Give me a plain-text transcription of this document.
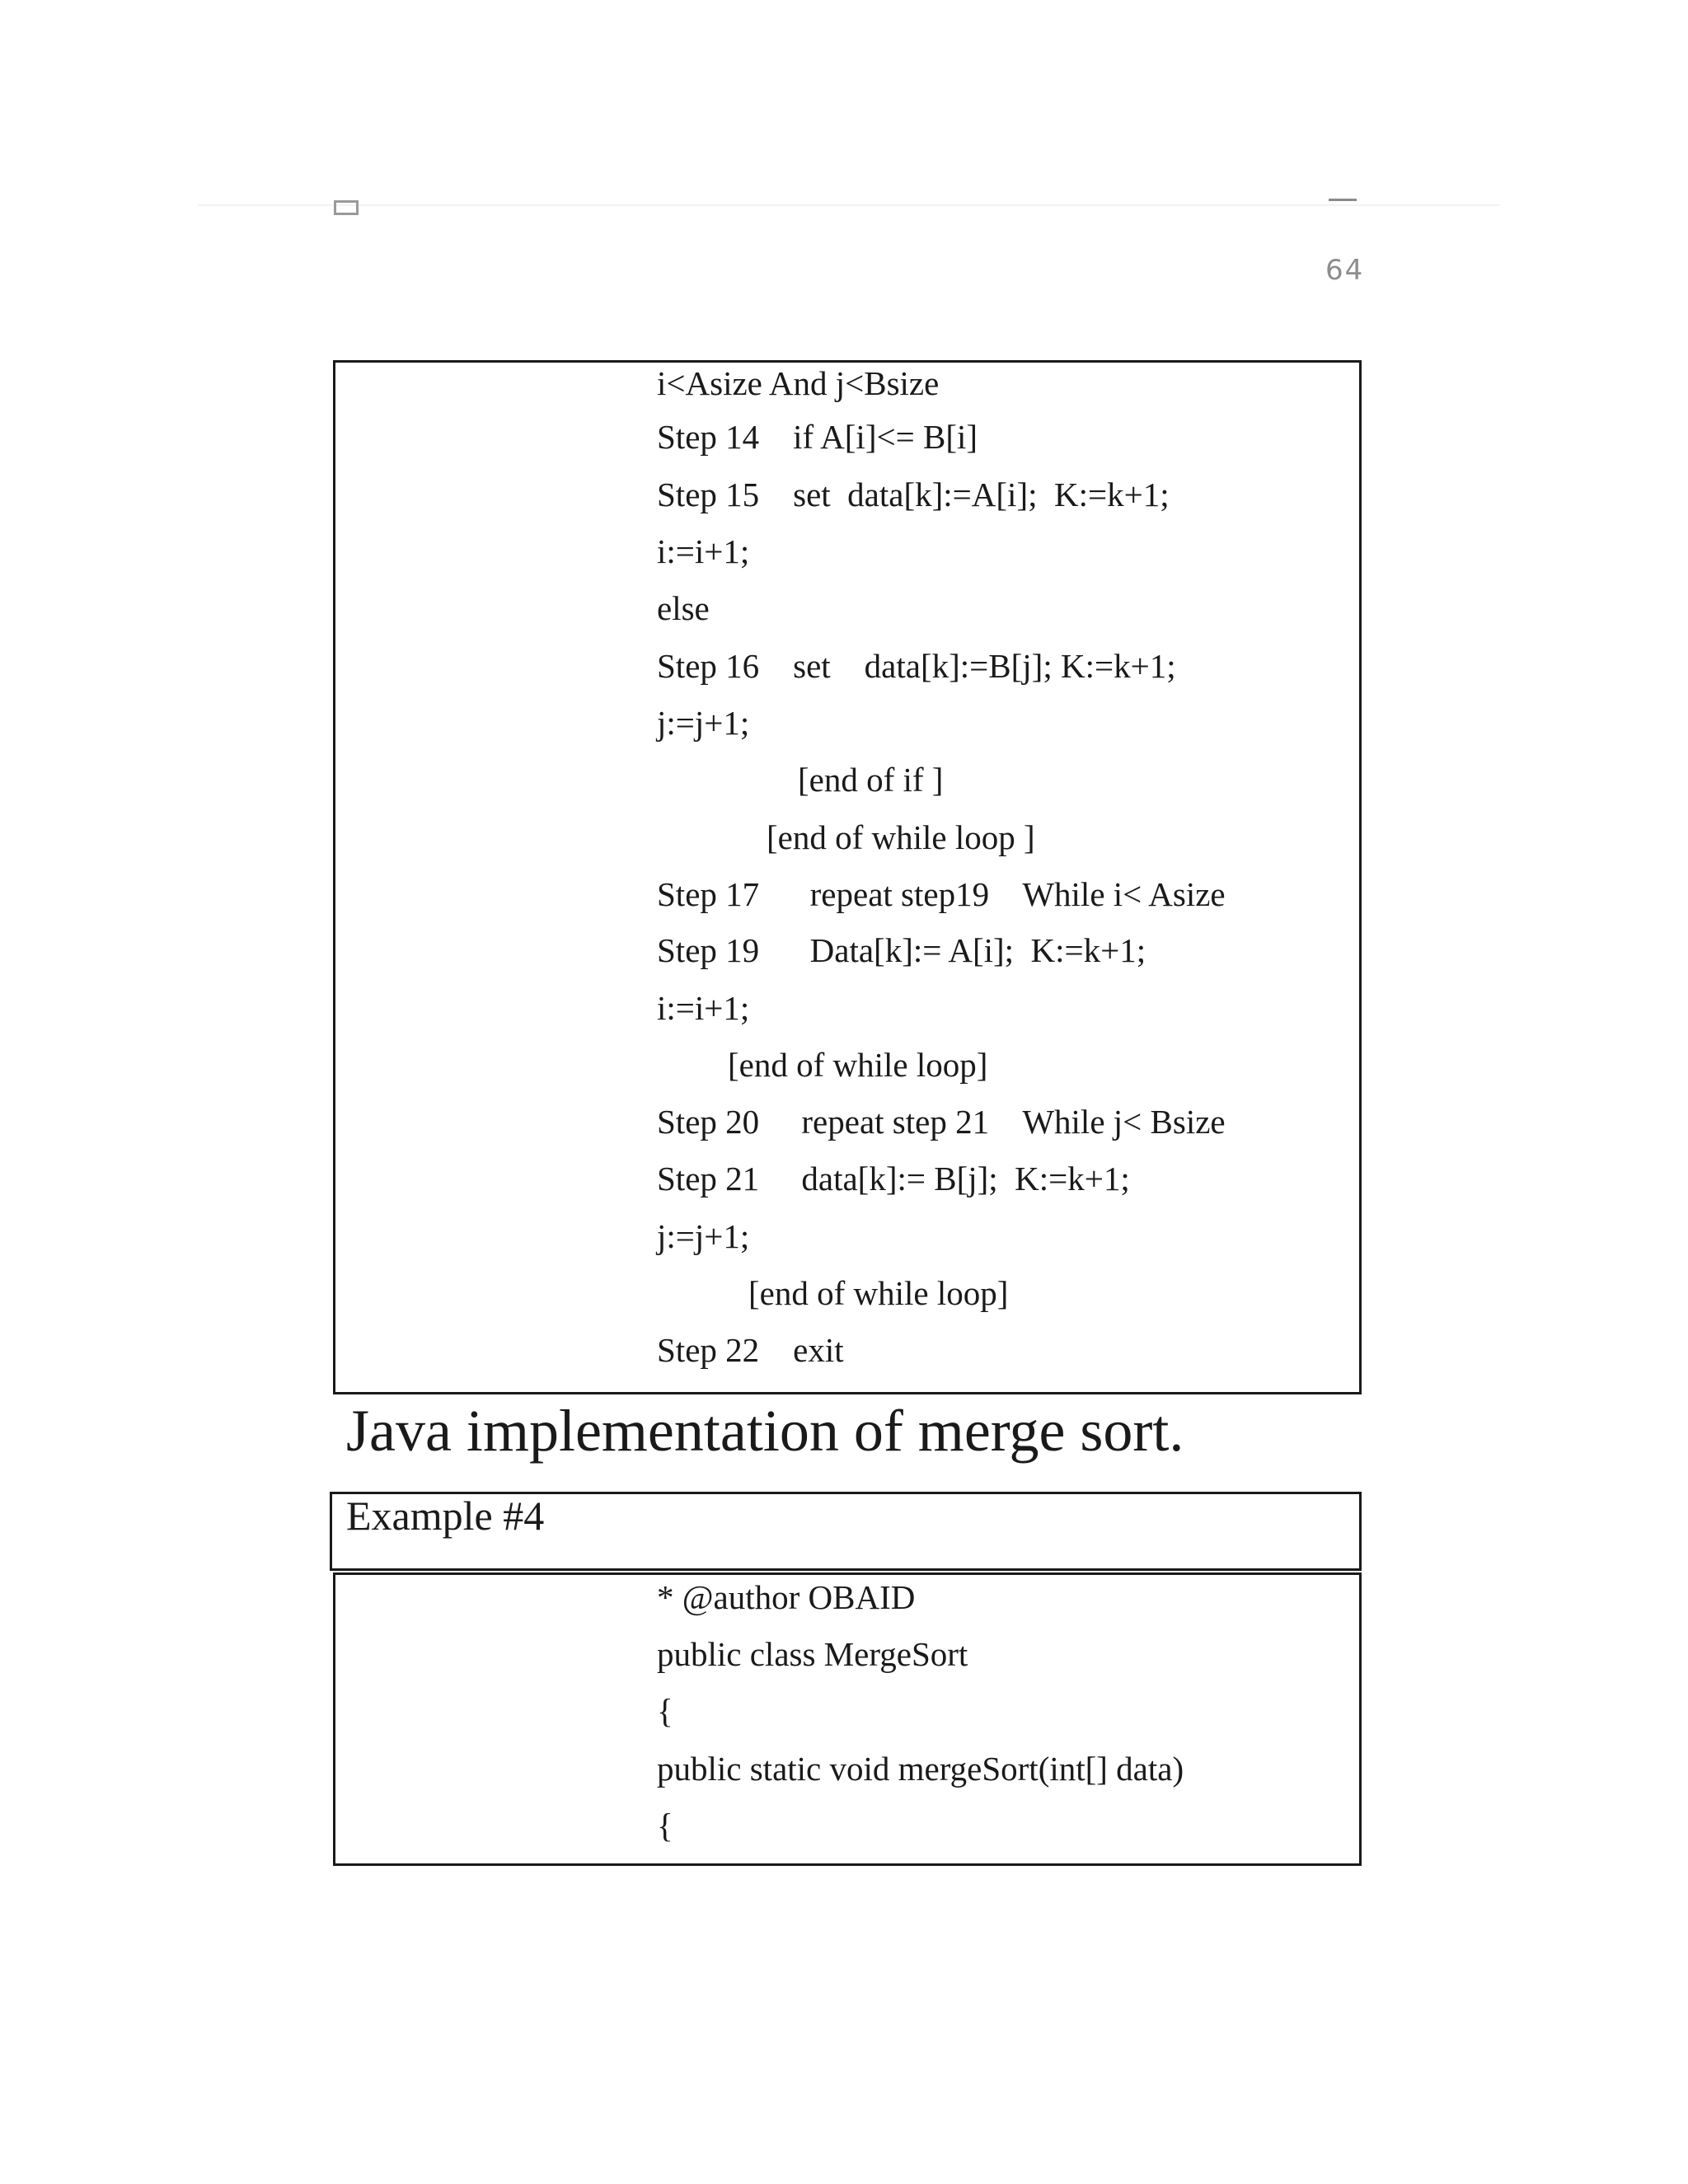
64
i<Asize And j<Bsize
Step 14    if A[i]<= B[i]
Step 15    set  data[k]:=A[i];  K:=k+1;
i:=i+1;
else
Step 16    set    data[k]:=B[j]; K:=k+1;
j:=j+1;
[end of if ]
[end of while loop ]
Step 17      repeat step19    While i< Asize
Step 19      Data[k]:= A[i];  K:=k+1;
i:=i+1;
[end of while loop]
Step 20     repeat step 21    While j< Bsize
Step 21     data[k]:= B[j];  K:=k+1;
j:=j+1;
[end of while loop]
Step 22    exit
Java implementation of merge sort.
Example #4
* @author OBAID
public class MergeSort
{
public static void mergeSort(int[] data)
{
